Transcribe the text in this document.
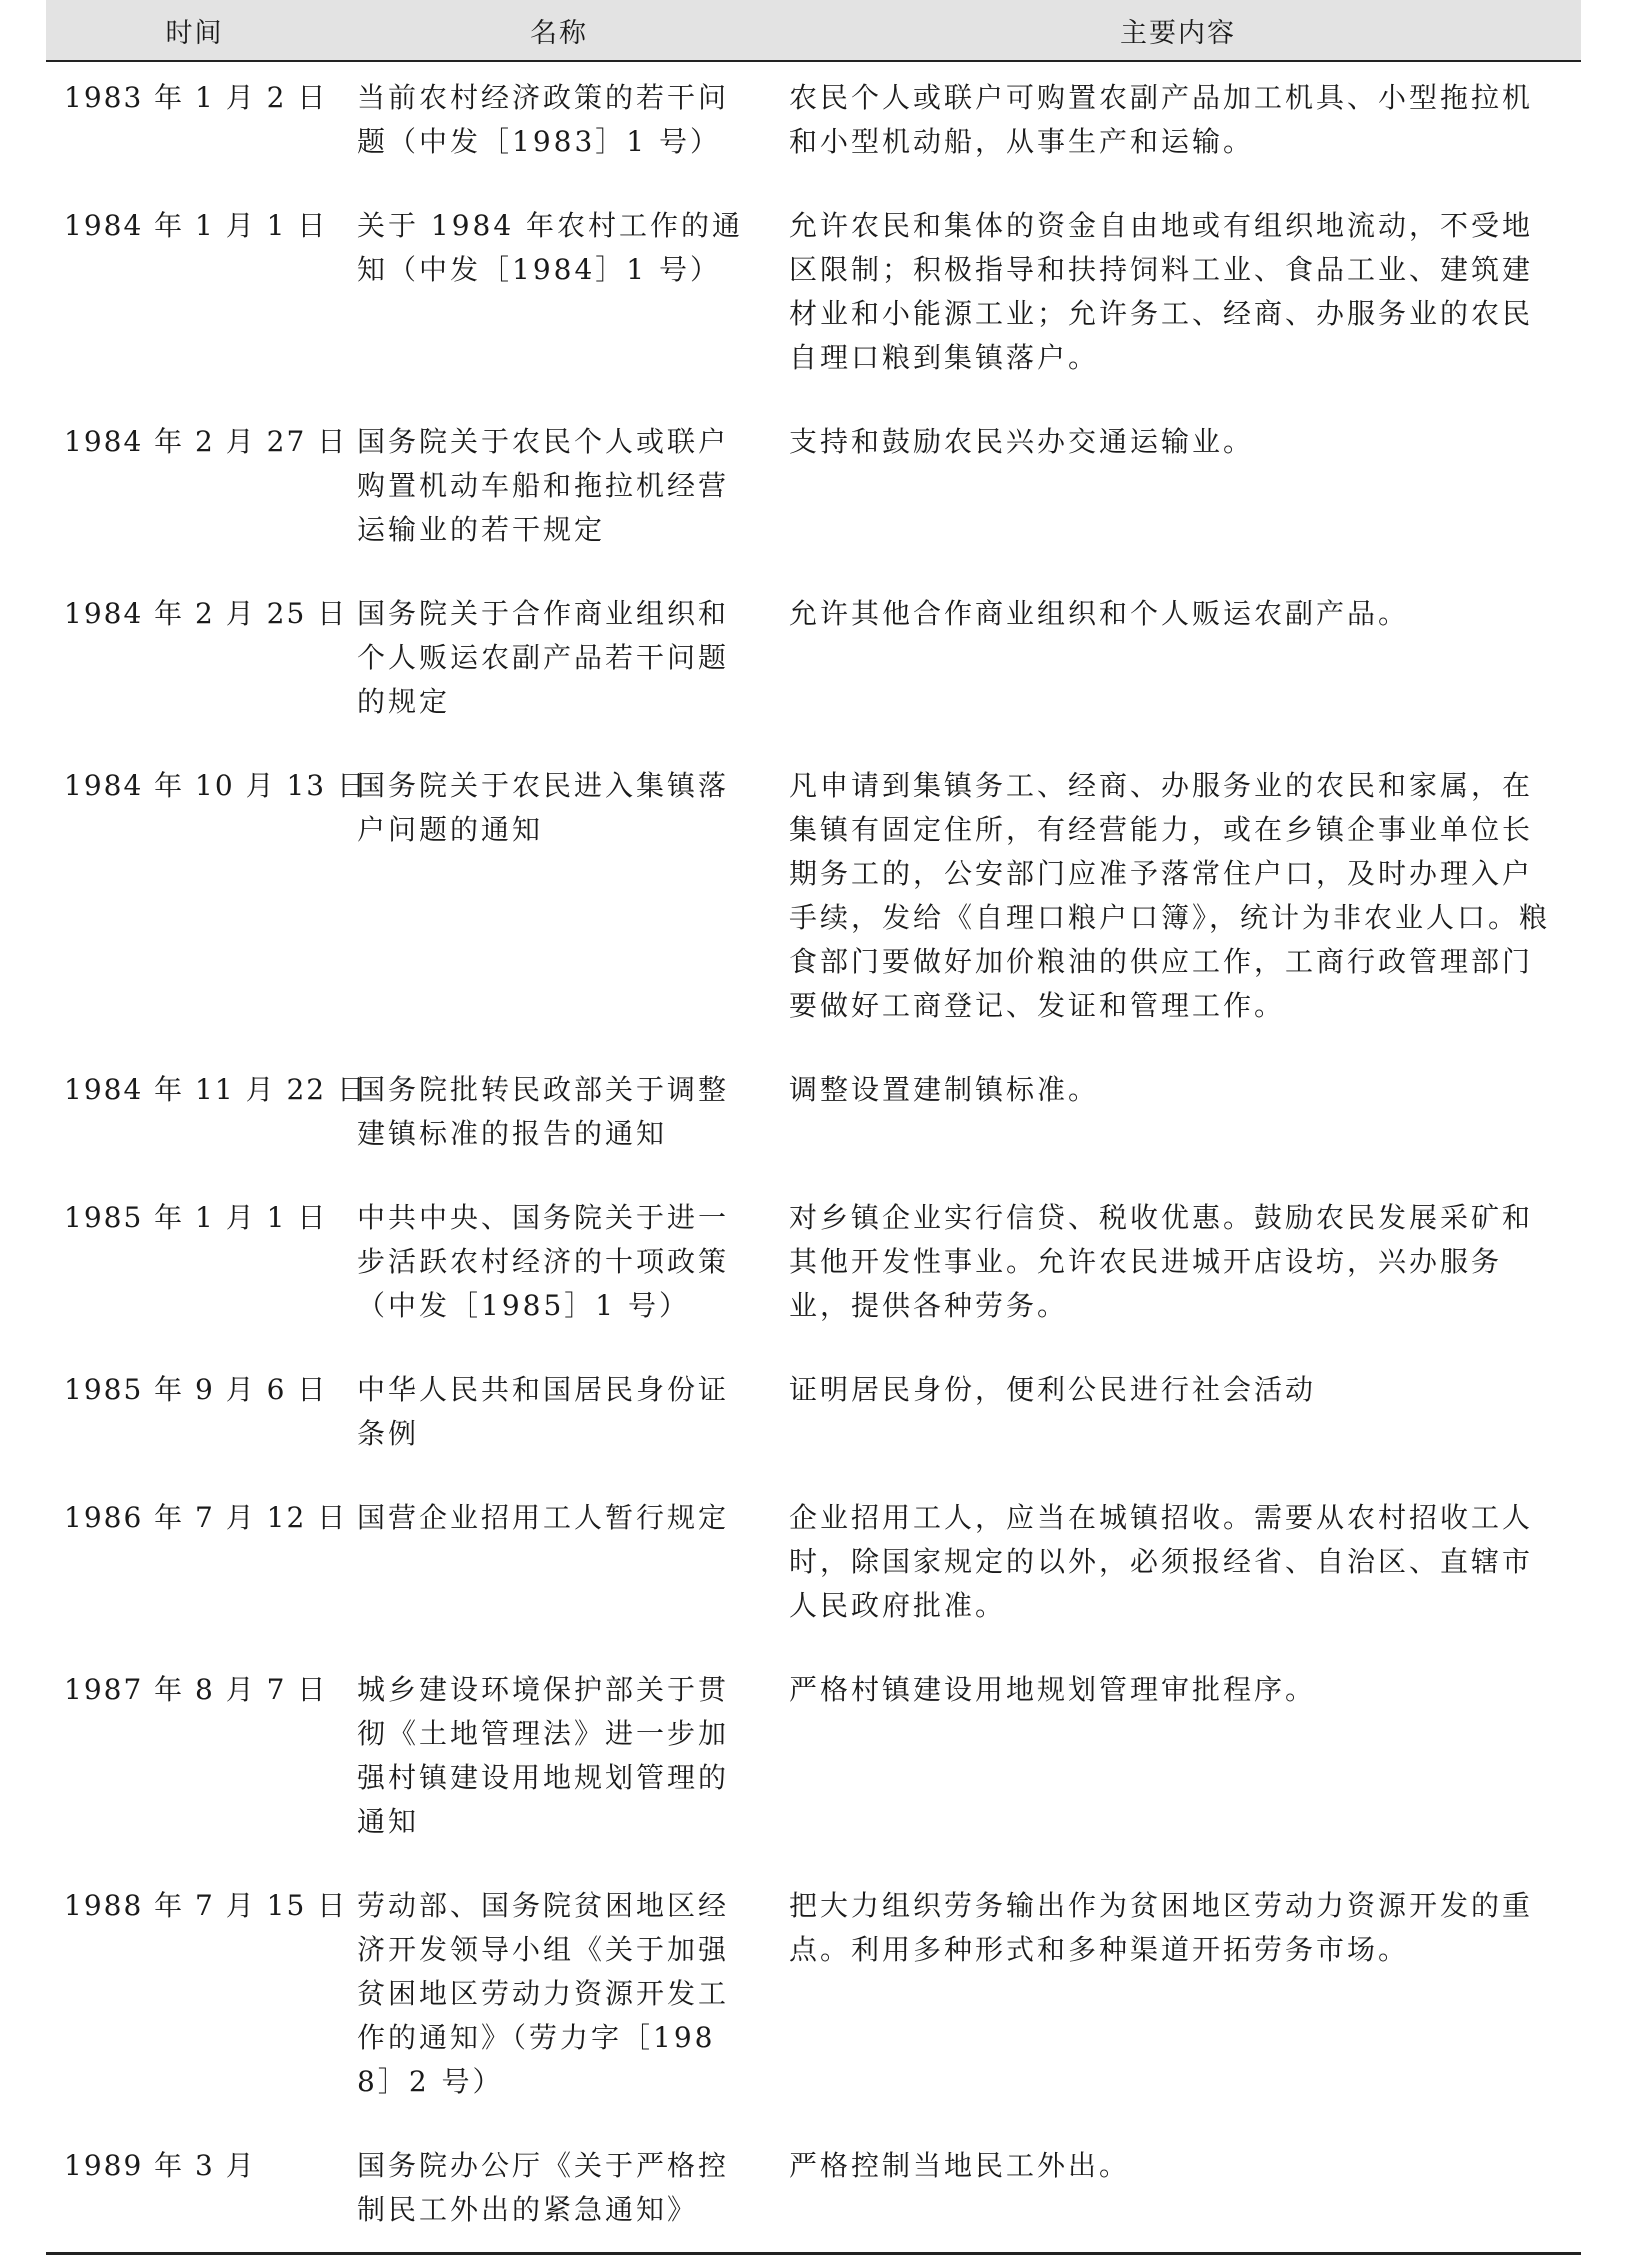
时间	名称	主要内容
1983 年 1 月 2 日	当前农村经济政策的若干问题（中发［1983］1 号）	农民个人或联户可购置农副产品加工机具、小型拖拉机和小型机动船，从事生产和运输。
1984 年 1 月 1 日	关于 1984 年农村工作的通知（中发［1984］1 号）	允许农民和集体的资金自由地或有组织地流动，不受地区限制；积极指导和扶持饲料工业、食品工业、建筑建材业和小能源工业；允许务工、经商、办服务业的农民自理口粮到集镇落户。
1984 年 2 月 27 日	国务院关于农民个人或联户购置机动车船和拖拉机经营运输业的若干规定	支持和鼓励农民兴办交通运输业。
1984 年 2 月 25 日	国务院关于合作商业组织和个人贩运农副产品若干问题的规定	允许其他合作商业组织和个人贩运农副产品。
1984 年 10 月 13 日	国务院关于农民进入集镇落户问题的通知	凡申请到集镇务工、经商、办服务业的农民和家属，在集镇有固定住所，有经营能力，或在乡镇企事业单位长期务工的，公安部门应准予落常住户口，及时办理入户手续，发给《自理口粮户口簿》，统计为非农业人口。粮食部门要做好加价粮油的供应工作，工商行政管理部门要做好工商登记、发证和管理工作。
1984 年 11 月 22 日	国务院批转民政部关于调整建镇标准的报告的通知	调整设置建制镇标准。
1985 年 1 月 1 日	中共中央、国务院关于进一步活跃农村经济的十项政策（中发［1985］1 号）	对乡镇企业实行信贷、税收优惠。鼓励农民发展采矿和其他开发性事业。允许农民进城开店设坊，兴办服务业，提供各种劳务。
1985 年 9 月 6 日	中华人民共和国居民身份证条例	证明居民身份，便利公民进行社会活动
1986 年 7 月 12 日	国营企业招用工人暂行规定	企业招用工人，应当在城镇招收。需要从农村招收工人时，除国家规定的以外，必须报经省、自治区、直辖市人民政府批准。
1987 年 8 月 7 日	城乡建设环境保护部关于贯彻《土地管理法》进一步加强村镇建设用地规划管理的通知	严格村镇建设用地规划管理审批程序。
1988 年 7 月 15 日	劳动部、国务院贫困地区经济开发领导小组《关于加强贫困地区劳动力资源开发工作的通知》（劳力字［1988］2 号）	把大力组织劳务输出作为贫困地区劳动力资源开发的重点。利用多种形式和多种渠道开拓劳务市场。
1989 年 3 月	国务院办公厅《关于严格控制民工外出的紧急通知》	严格控制当地民工外出。
